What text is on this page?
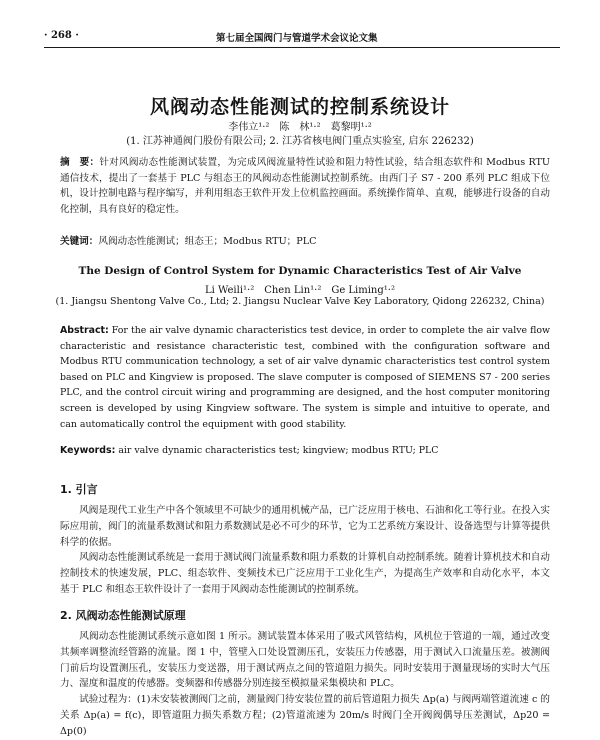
· 268 ·	第七届全国阀门与管道学术会议论文集
风阀动态性能测试的控制系统设计
李伟立¹·²　陈　林¹·²　葛黎明¹·²
(1. 江苏神通阀门股份有限公司; 2. 江苏省核电阀门重点实验室, 启东 226232)
摘　要：针对风阀动态性能测试装置，为完成风阀流量特性试验和阻力特性试验，结合组态软件和 Modbus RTU 通信技术，提出了一套基于 PLC 与组态王的风阀动态性能测试控制系统。由西门子 S7 - 200 系列 PLC 组成下位机，设计控制电路与程序编写，并利用组态王软件开发上位机监控画面。系统操作简单、直观，能够进行设备的自动化控制，具有良好的稳定性。
关键词：风阀动态性能测试；组态王；Modbus RTU；PLC
The Design of Control System for Dynamic Characteristics Test of Air Valve
Li Weili¹·²　Chen Lin¹·²　Ge Liming¹·²
(1. Jiangsu Shentong Valve Co., Ltd; 2. Jiangsu Nuclear Valve Key Laboratory, Qidong 226232, China)
Abstract: For the air valve dynamic characteristics test device, in order to complete the air valve flow characteristic and resistance characteristic test, combined with the configuration software and Modbus RTU communication technology, a set of air valve dynamic characteristics test control system based on PLC and Kingview is proposed. The slave computer is composed of SIEMENS S7 - 200 series PLC, and the control circuit wiring and programming are designed, and the host computer monitoring screen is developed by using Kingview software. The system is simple and intuitive to operate, and can automatically control the equipment with good stability.
Keywords: air valve dynamic characteristics test; kingview; modbus RTU; PLC
1. 引言

风阀是现代工业生产中各个领域里不可缺少的通用机械产品，已广泛应用于核电、石油和化工等行业。在投入实际应用前，阀门的流量系数测试和阻力系数测试是必不可少的环节，它为工艺系统方案设计、设备选型与计算等提供科学的依据。

风阀动态性能测试系统是一套用于测试阀门流量系数和阻力系数的计算机自动控制系统。随着计算机技术和自动控制技术的快速发展，PLC、组态软件、变频技术已广泛应用于工业化生产，为提高生产效率和自动化水平，本文基于 PLC 和组态王软件设计了一套用于风阀动态性能测试的控制系统。

2. 风阀动态性能测试原理

风阀动态性能测试系统示意如图 1 所示。测试装置本体采用了吸式风管结构，风机位于管道的一端，通过改变其频率调整流经管路的流量。图 1 中，管壁入口处设置测压孔，安装压力传感器，用于测试入口流量压差。被测阀门前后均设置测压孔，安装压力变送器，用于测试两点之间的管道阻力损失。同时安装用于测量现场的实时大气压力、湿度和温度的传感器。变频器和传感器分别连接至模拟量采集模块和 PLC。

试验过程为：(1)未安装被测阀门之前，测量阀门待安装位置的前后管道阻力损失 Δp(a) 与阀两端管道流速 c 的关系 Δp(a) = f(c)，即管道阻力损失系数方程；(2)管道流速为 20m/s 时阀门全开阀阀偶导压差测试，Δp20 = Δp(0)
